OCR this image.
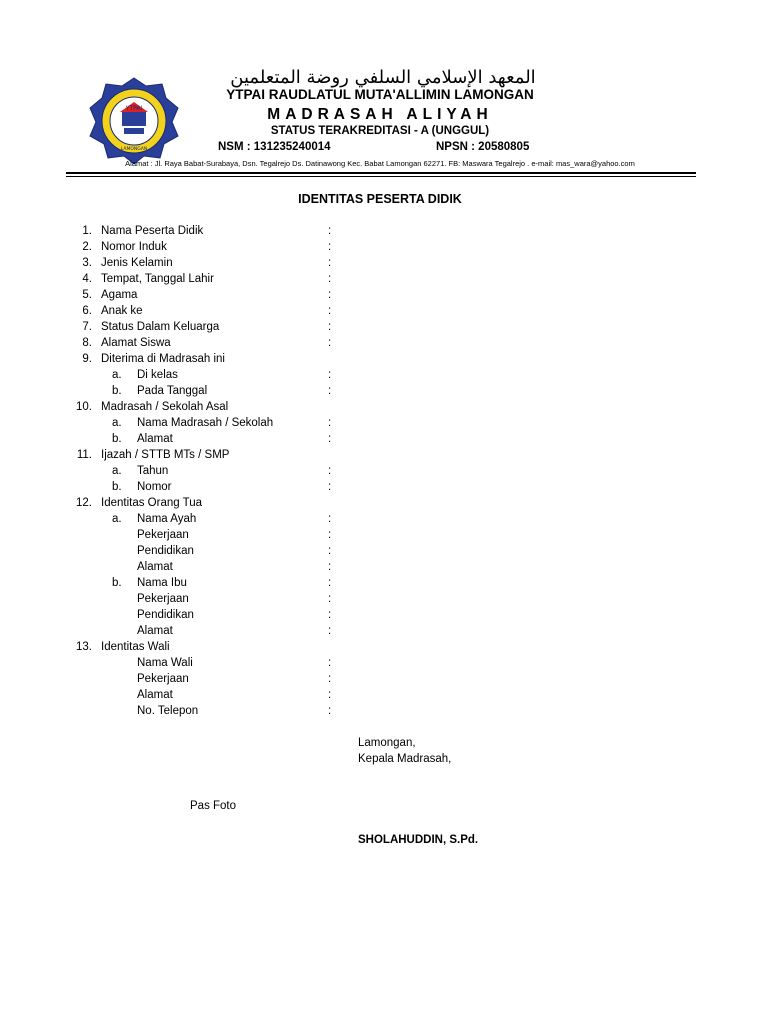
YTPAI
LAMONGAN
المعهد الإسلامي السلفي روضة المتعلمين
YTPAI RAUDLATUL MUTA'ALLIMIN LAMONGAN
MADRASAH ALIYAH
STATUS TERAKREDITASI - A (UNGGUL)
NSM : 131235240014	NPSN : 20580805
Alamat : Jl. Raya Babat-Surabaya, Dsn. Tegalrejo Ds. Datinawong Kec. Babat Lamongan 62271. FB: Maswara Tegalrejo . e-mail: mas_wara@yahoo.com
IDENTITAS PESERTA DIDIK
1. Nama Peserta Didik	:
2. Nomor Induk	:
3. Jenis Kelamin	:
4. Tempat, Tanggal Lahir	:
5. Agama	:
6. Anak ke	:
7. Status Dalam Keluarga	:
8. Alamat Siswa	:
9. Diterima di Madrasah ini
a. Di kelas	:
b. Pada Tanggal	:
10. Madrasah / Sekolah Asal
a. Nama Madrasah / Sekolah	:
b. Alamat	:
11. Ijazah / STTB MTs / SMP
a. Tahun	:
b. Nomor	:
12. Identitas Orang Tua
a. Nama Ayah	:
Pekerjaan	:
Pendidikan	:
Alamat	:
b. Nama Ibu	:
Pekerjaan	:
Pendidikan	:
Alamat	:
13. Identitas Wali
Nama Wali	:
Pekerjaan	:
Alamat	:
No. Telepon	:
Lamongan,
Kepala Madrasah,
Pas Foto
SHOLAHUDDIN, S.Pd.
